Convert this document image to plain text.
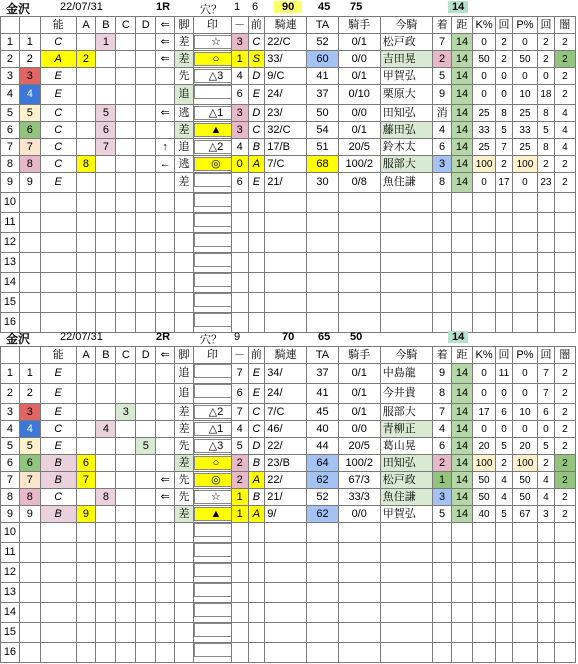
金沢	22/07/31	1R	穴？ 1 6	90	45 75	14
		能	A	B	C	D	⇐	脚	印	－	前	騎連	TA	騎手	今騎	着	距	K%	回	P%	回	闇
1	1	C		1			⇐	差	☆	3	C	22/C	52	0/1	松戸政	7	14	0	2	0	2	2
2	2	A	2				⇐	差	○	1	S	33/	60	0/0	吉田晃	2	14	50	2	50	2	2
3	3	E						先	△3	4	D	9/C	41	0/1	甲賀弘	5	14	0	0	0	0	2
4	4	E						追		6	E	24/	37	0/10	栗原大	9	14	0	0	10	18	2
5	5	C		5			⇐	逃	△1	3	D	23/	50	0/0	田知弘	消	14	25	8	25	8	4
6	6	C		6				差	▲	3	C	32/C	54	0/1	藤田弘	4	14	33	5	33	5	4
7	7	C		7			↑	追	△2	4	B	17/B	51	20/5	鈴木太	6	14	25	7	25	8	4
8	8	C	8				←	逃	◎	0	A	7/C	68	100/2	服部大	3	14	100	2	100	2	2
9	9	E						差		6	E	21/	30	0/8	魚住謙	8	14	0	17	0	23	2
10																						
11																						
12																						
13																						
14																						
15																						
16																						
金沢	22/07/31	2R	穴？ 9	70	65 50	14
		能	A	B	C	D	⇐	脚	印	－	前	騎連	TA	騎手	今騎	着	距	K%	回	P%	回	闇
1	1	E						追		7	E	34/	37	0/1	中島龍	9	14	0	11	0	7	2
2	2	E						追		6	E	24/	41	0/1	今井貴	8	14	0	0	0	7	2
3	3	E			3			差	△2	7	C	7/C	45	0/1	服部大	7	14	17	6	10	6	2
4	4	C		4				差	△1	4	C	46/	40	0/0	青柳正	4	14	0	0	0	0	2
5	5	E				5		先	△3	5	D	22/	44	20/5	葛山晃	6	14	20	5	20	5	2
6	6	B	6					差	○	2	B	23/B	64	100/2	田知弘	2	14	100	2	100	2	2
7	7	B	7				⇐	先	◎	2	A	22/	62	67/3	松戸政	1	14	50	4	50	4	2
8	8	C		8			⇐	先	☆	1	B	21/	52	33/3	魚住謙	3	14	50	4	50	4	2
9	9	B	9					差	▲	1	A	9/	62	0/0	甲賀弘	5	14	40	5	67	3	2
10																						
11																						
12																						
13																						
14																						
15																						
16																						
